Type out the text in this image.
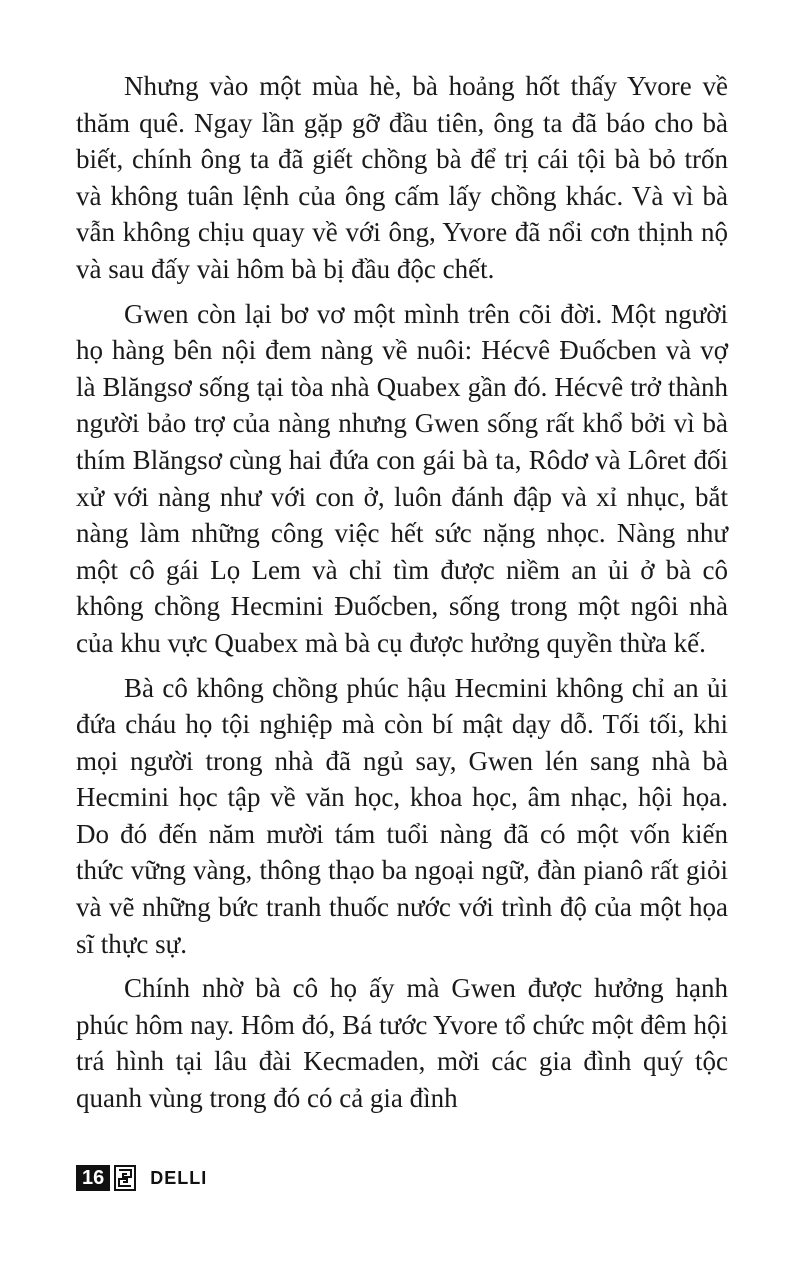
Nhưng vào một mùa hè, bà hoảng hốt thấy Yvore về thăm quê. Ngay lần gặp gỡ đầu tiên, ông ta đã báo cho bà biết, chính ông ta đã giết chồng bà để trị cái tội bà bỏ trốn và không tuân lệnh của ông cấm lấy chồng khác. Và vì bà vẫn không chịu quay về với ông, Yvore đã nổi cơn thịnh nộ và sau đấy vài hôm bà bị đầu độc chết.

Gwen còn lại bơ vơ một mình trên cõi đời. Một người họ hàng bên nội đem nàng về nuôi: Hécvê Đuốcben và vợ là Blăngsơ sống tại tòa nhà Quabex gần đó. Hécvê trở thành người bảo trợ của nàng nhưng Gwen sống rất khổ bởi vì bà thím Blăngsơ cùng hai đứa con gái bà ta, Rôdơ và Lôret đối xử với nàng như với con ở, luôn đánh đập và xỉ nhục, bắt nàng làm những công việc hết sức nặng nhọc. Nàng như một cô gái Lọ Lem và chỉ tìm được niềm an ủi ở bà cô không chồng Hecmini Đuốcben, sống trong một ngôi nhà của khu vực Quabex mà bà cụ được hưởng quyền thừa kế.

Bà cô không chồng phúc hậu Hecmini không chỉ an ủi đứa cháu họ tội nghiệp mà còn bí mật dạy dỗ. Tối tối, khi mọi người trong nhà đã ngủ say, Gwen lén sang nhà bà Hecmini học tập về văn học, khoa học, âm nhạc, hội họa. Do đó đến năm mười tám tuổi nàng đã có một vốn kiến thức vững vàng, thông thạo ba ngoại ngữ, đàn pianô rất giỏi và vẽ những bức tranh thuốc nước với trình độ của một họa sĩ thực sự.

Chính nhờ bà cô họ ấy mà Gwen được hưởng hạnh phúc hôm nay. Hôm đó, Bá tước Yvore tổ chức một đêm hội trá hình tại lâu đài Kecmaden, mời các gia đình quý tộc quanh vùng trong đó có cả gia đình

16	DELLI
